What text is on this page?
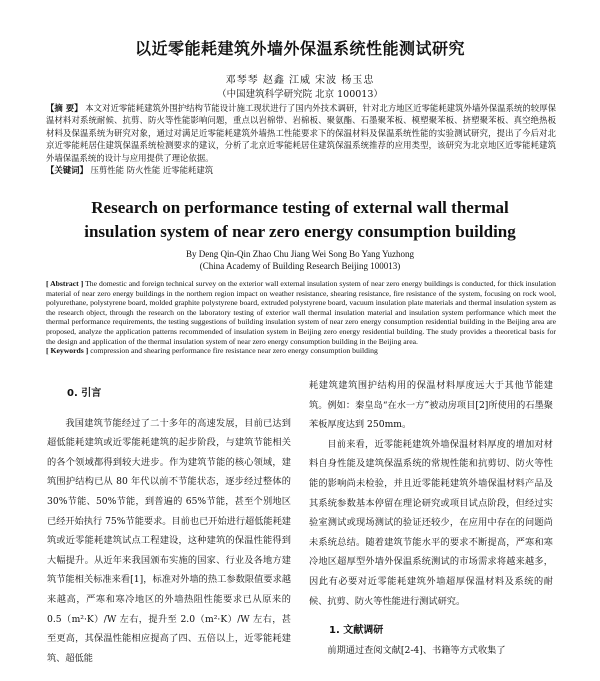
以近零能耗建筑外墙外保温系统性能测试研究
邓琴琴 赵鑫 江威 宋波 杨玉忠
（中国建筑科学研究院 北京 100013）

【摘 要】 本文对近零能耗建筑外围护结构节能设计施工现状进行了国内外技术调研，针对北方地区近零能耗建筑外墙外保温系统的较厚保温材料对系统耐候、抗剪、防火等性能影响问题，重点以岩棉带、岩棉板、聚氨酯、石墨聚苯板、模塑聚苯板、挤塑聚苯板、真空绝热板材料及保温系统为研究对象，通过对满足近零能耗建筑外墙热工性能要求下的保温材料及保温系统性能的实验测试研究，提出了今后对北京近零能耗居住建筑保温系统检测要求的建议，分析了北京近零能耗居住建筑保温系统推荐的应用类型，该研究为北京地区近零能耗建筑外墙保温系统的设计与应用提供了理论依据。
【关键词】 压剪性能 防火性能 近零能耗建筑

Research on performance testing of external wall thermal
insulation system of near zero energy consumption building
By Deng Qin-Qin Zhao Chu Jiang Wei Song Bo Yang Yuzhong
(China Academy of Building Research Beijing 100013)

[ Abstract ] The domestic and foreign technical survey on the exterior wall external insulation system of near zero energy buildings is conducted, for thick insulation material of near zero energy buildings in the northern region impact on weather resistance, shearing resistance, fire resistance of the system, focusing on rock wool, polyurethane, polystyrene board, molded graphite polystyrene board, extruded polystyrene board, vacuum insulation plate materials and thermal insulation system as the research object, through the research on the laboratory testing of exterior wall thermal insulation material and insulation system performance which meet the thermal performance requirements, the testing suggestions of building insulation system of near zero energy consumption residential building in the Beijing area are proposed, analyze the application patterns recommended of insulation system in Beijing zero energy residential building. The study provides a theoretical basis for the design and application of the thermal insulation system of near zero energy consumption building in the Beijing area.
[ Keywords ] compression and shearing performance fire resistance near zero energy consumption building

0. 引言

我国建筑节能经过了二十多年的高速发展，目前已达到超低能耗建筑或近零能耗建筑的起步阶段，与建筑节能相关的各个领域都得到较大进步。作为建筑节能的核心领域，建筑围护结构已从 80 年代以前不节能状态，逐步经过整体的 30%节能、50%节能，到普遍的 65%节能，甚至个别地区已经开始执行 75%节能要求。目前也已开始进行超低能耗建筑或近零能耗建筑试点工程建设，这种建筑的保温性能得到大幅提升。从近年来我国颁布实施的国家、行业及各地方建筑节能相关标准来看[1]，标准对外墙的热工参数限值要求越来越高，严寒和寒冷地区的外墙热阻性能要求已从原来的 0.5（m²·K）/W 左右，提升至 2.0（m²·K）/W 左右，甚至更高，其保温性能相应提高了四、五倍以上，近零能耗建筑、超低能

耗建筑建筑围护结构用的保温材料厚度远大于其他节能建筑。例如：秦皇岛“在水一方”被动房项目[2]所使用的石墨聚苯板厚度达到 250mm。

目前来看，近零能耗建筑外墙保温材料厚度的增加对材料自身性能及建筑保温系统的常规性能和抗剪切、防火等性能的影响尚未检验，并且近零能耗建筑外墙保温材料产品及其系统参数基本停留在理论研究或项目试点阶段，但经过实验室测试或现场测试的验证还较少，在应用中存在的问题尚未系统总结。随着建筑节能水平的要求不断提高，严寒和寒冷地区超厚型外墙外保温系统测试的市场需求将越来越多，因此有必要对近零能耗建筑外墙超厚保温材料及系统的耐候、抗剪、防火等性能进行测试研究。

1. 文献调研

前期通过查阅文献[2-4]、书籍等方式收集了
